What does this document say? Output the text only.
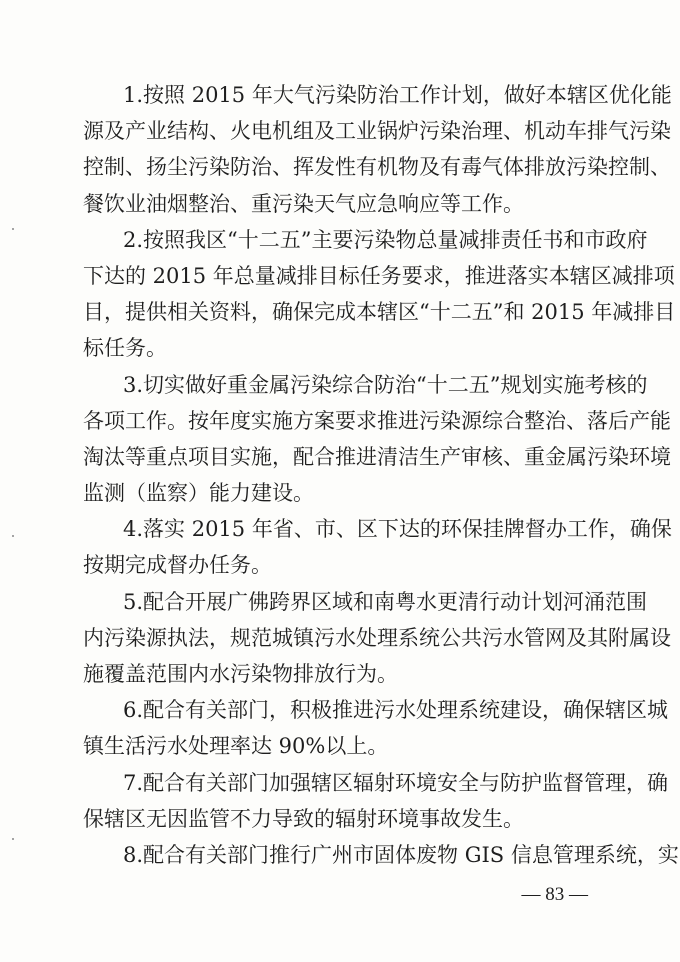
1.按照 2015 年大气污染防治工作计划，做好本辖区优化能
源及产业结构、火电机组及工业锅炉污染治理、机动车排气污染
控制、扬尘污染防治、挥发性有机物及有毒气体排放污染控制、
餐饮业油烟整治、重污染天气应急响应等工作。
2.按照我区“十二五”主要污染物总量减排责任书和市政府
下达的 2015 年总量减排目标任务要求，推进落实本辖区减排项
目，提供相关资料，确保完成本辖区“十二五”和 2015 年减排目
标任务。
3.切实做好重金属污染综合防治“十二五”规划实施考核的
各项工作。按年度实施方案要求推进污染源综合整治、落后产能
淘汰等重点项目实施，配合推进清洁生产审核、重金属污染环境
监测（监察）能力建设。
4.落实 2015 年省、市、区下达的环保挂牌督办工作，确保
按期完成督办任务。
5.配合开展广佛跨界区域和南粤水更清行动计划河涌范围
内污染源执法，规范城镇污水处理系统公共污水管网及其附属设
施覆盖范围内水污染物排放行为。
6.配合有关部门，积极推进污水处理系统建设，确保辖区城
镇生活污水处理率达 90%以上。
7.配合有关部门加强辖区辐射环境安全与防护监督管理，确
保辖区无因监管不力导致的辐射环境事故发生。
8.配合有关部门推行广州市固体废物 GIS 信息管理系统，实
— 83 —
